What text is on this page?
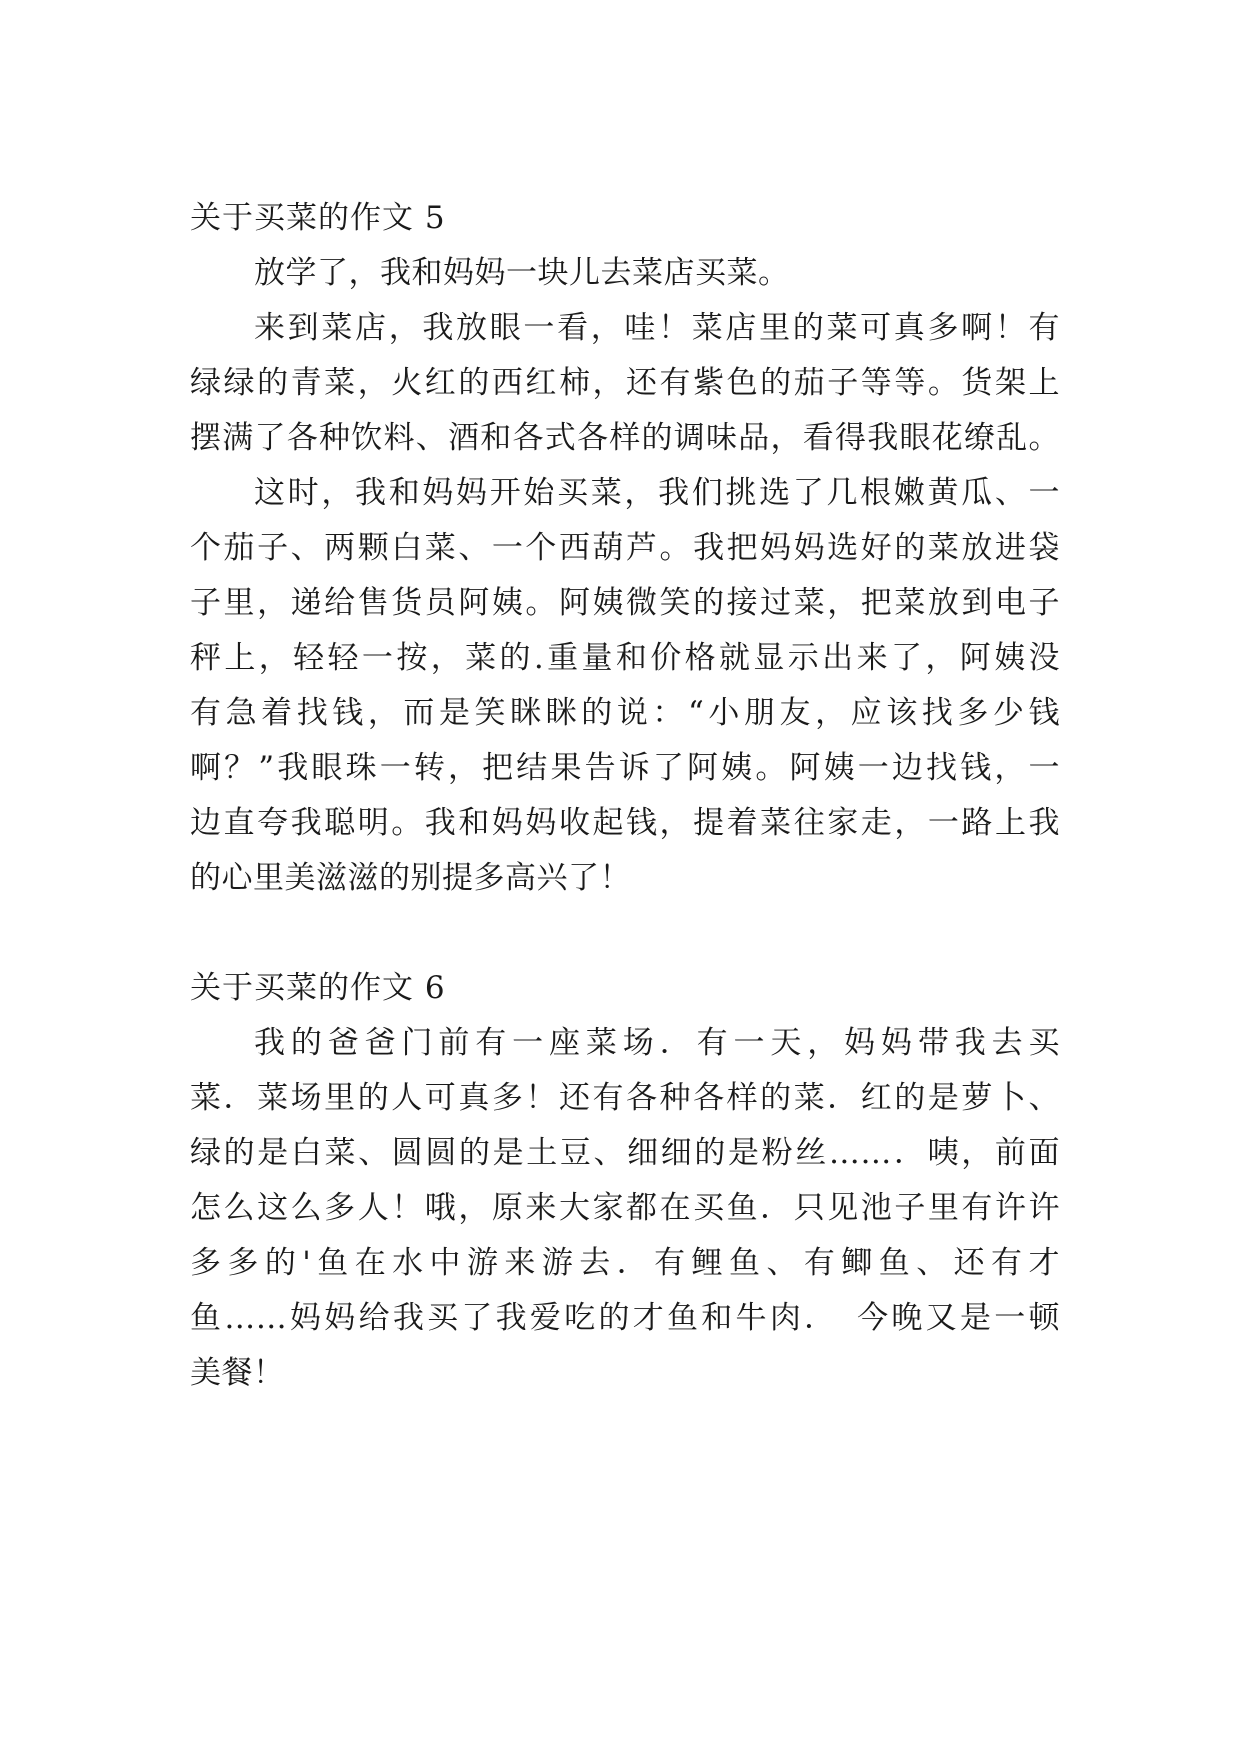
关于买菜的作文 5

放学了，我和妈妈一块儿去菜店买菜。

来到菜店，我放眼一看，哇！菜店里的菜可真多啊！有

绿绿的青菜，火红的西红柿，还有紫色的茄子等等。货架上

摆满了各种饮料、酒和各式各样的调味品，看得我眼花缭乱。

这时，我和妈妈开始买菜，我们挑选了几根嫩黄瓜、一

个茄子、两颗白菜、一个西葫芦。我把妈妈选好的菜放进袋

子里，递给售货员阿姨。阿姨微笑的接过菜，把菜放到电子

秤上，轻轻一按，菜的.重量和价格就显示出来了，阿姨没

有急着找钱，而是笑眯眯的说：“小朋友，应该找多少钱

啊？”我眼珠一转，把结果告诉了阿姨。阿姨一边找钱，一

边直夸我聪明。我和妈妈收起钱，提着菜往家走，一路上我

的心里美滋滋的别提多高兴了！

关于买菜的作文 6

我的爸爸门前有一座菜场．有一天，妈妈带我去买

菜．菜场里的人可真多！还有各种各样的菜．红的是萝卜、

绿的是白菜、圆圆的是土豆、细细的是粉丝……．咦，前面

怎么这么多人！哦，原来大家都在买鱼．只见池子里有许许

多多的'鱼在水中游来游去．有鲤鱼、有鲫鱼、还有才

鱼……妈妈给我买了我爱吃的才鱼和牛肉．　今晚又是一顿

美餐！
